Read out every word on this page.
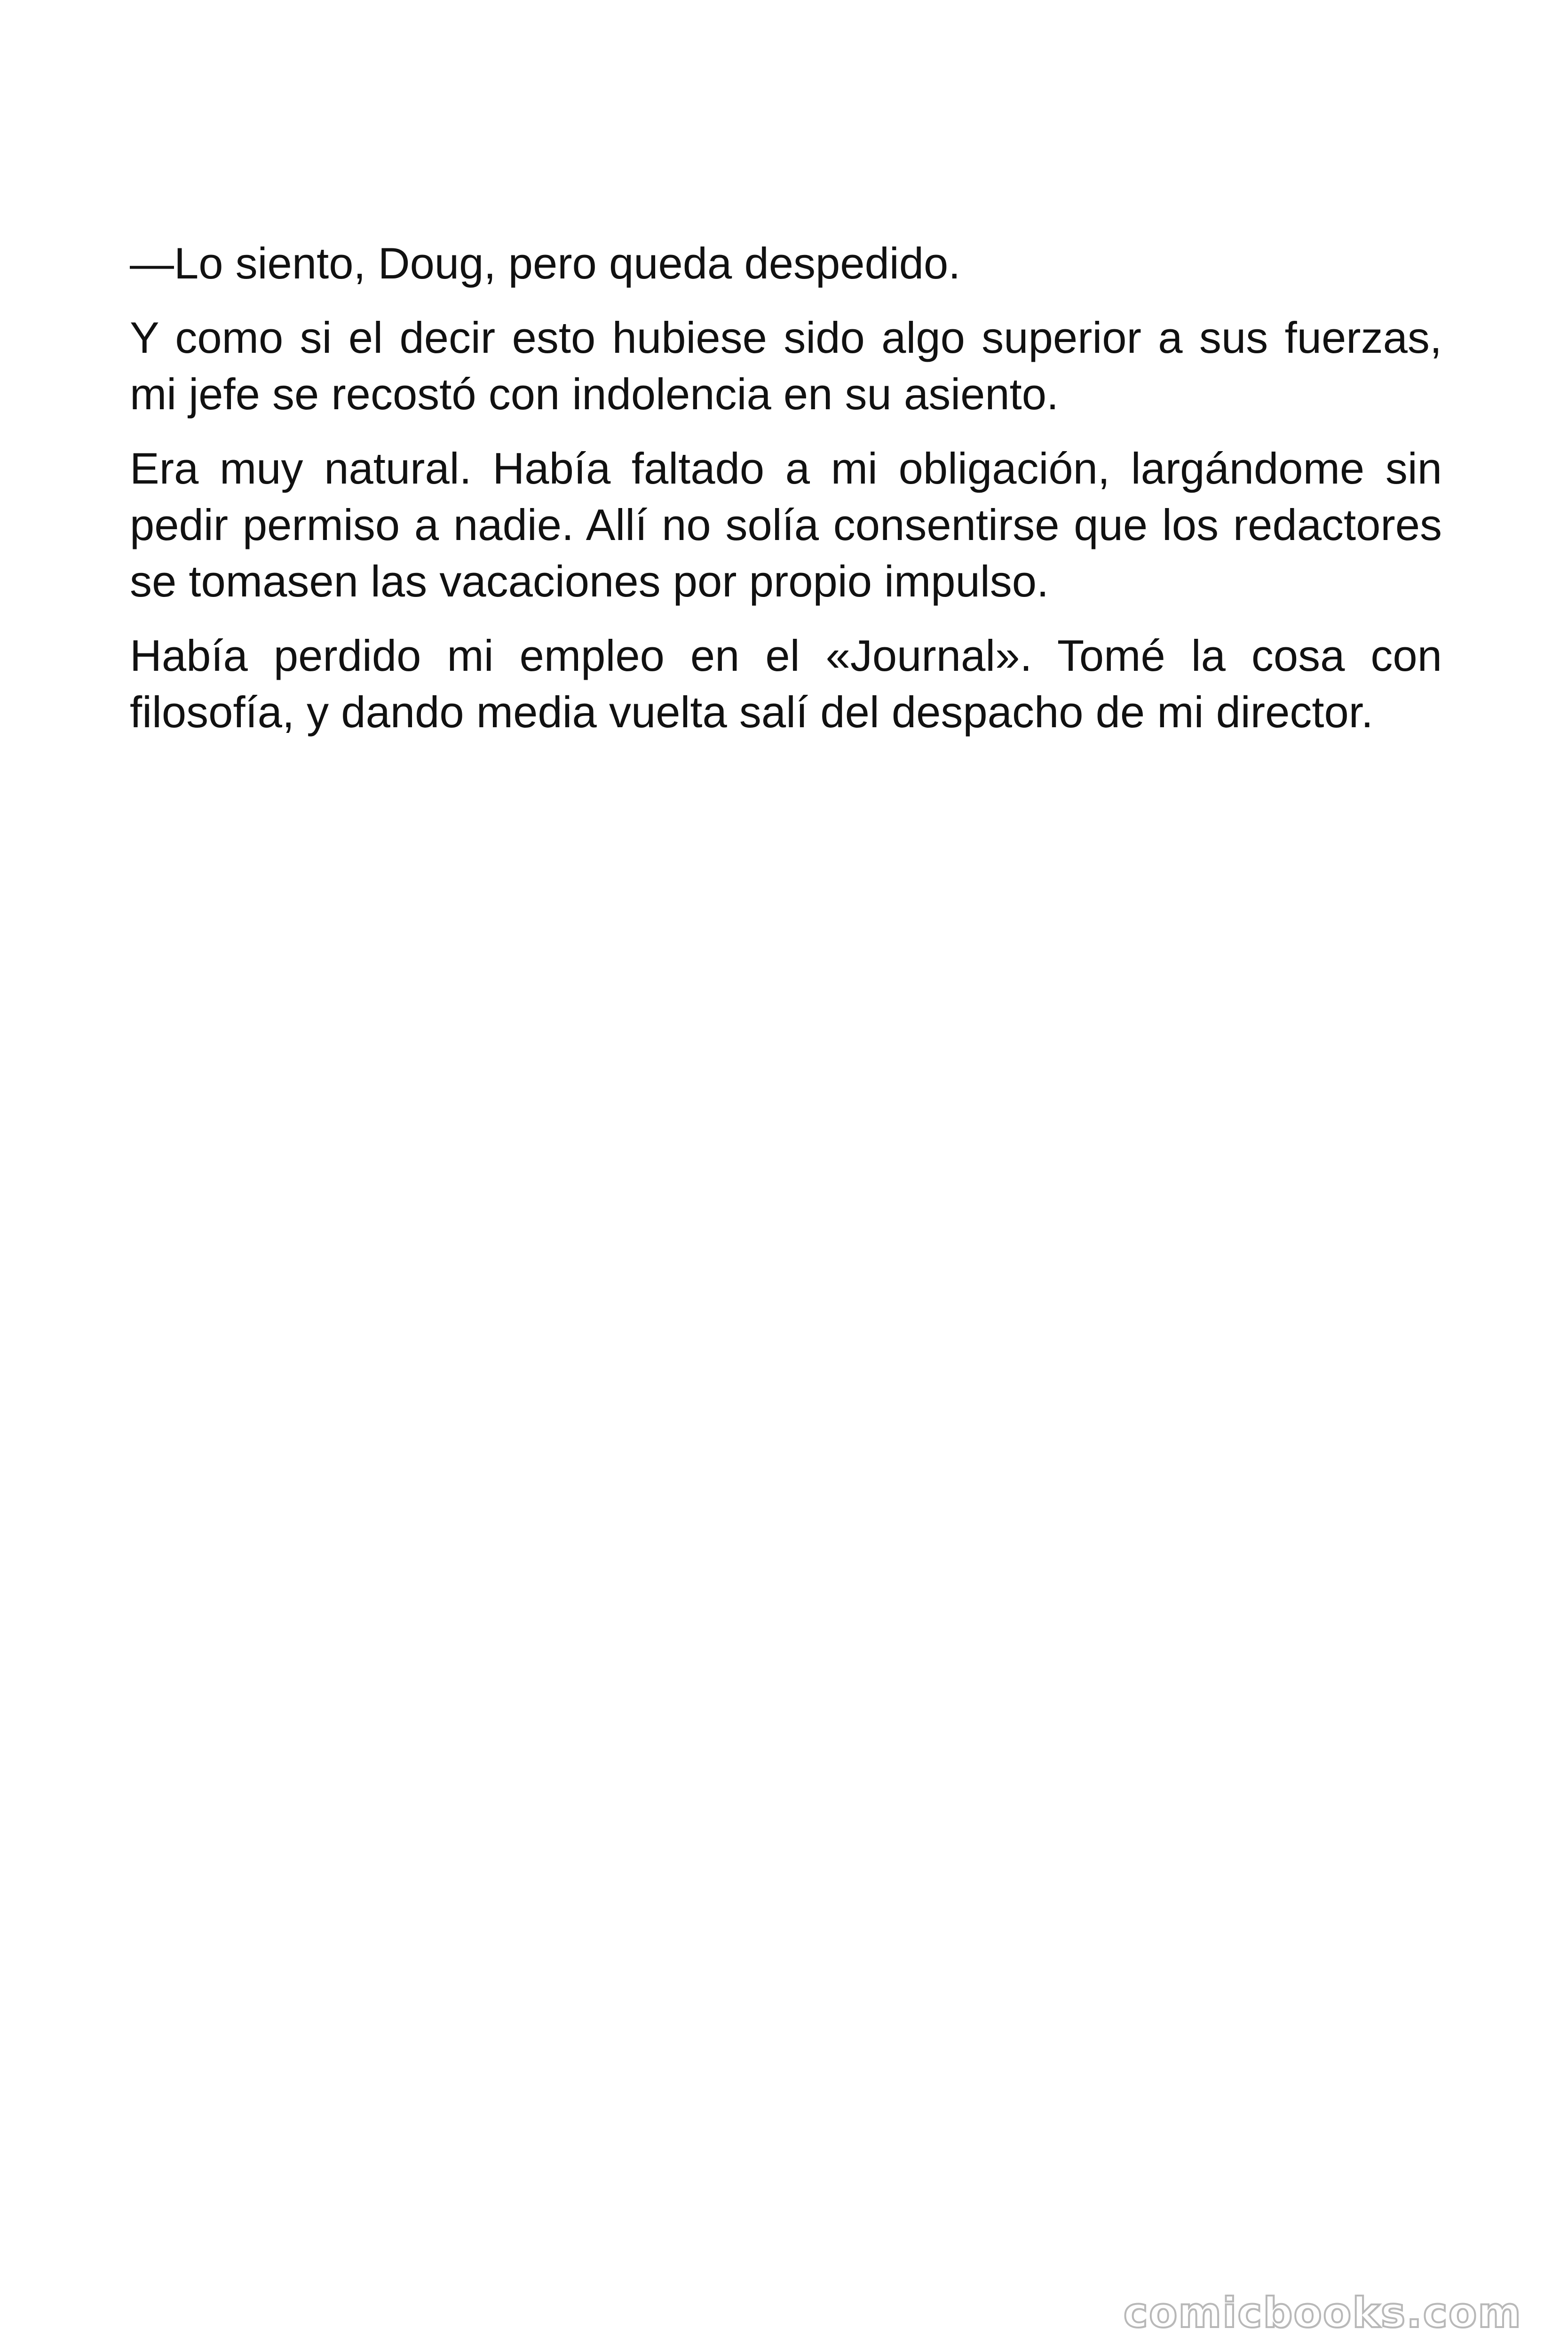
—Lo siento, Doug, pero queda despedido.

Y como si el decir esto hubiese sido algo superior a sus fuerzas, mi jefe se recostó con indolencia en su asiento.

Era muy natural. Había faltado a mi obligación, largándome sin pedir permiso a nadie. Allí no solía consentirse que los redactores se tomasen las vacaciones por propio impulso.

Había perdido mi empleo en el «Journal». Tomé la cosa con filosofía, y dando media vuelta salí del despacho de mi director.

comicbooks.com
